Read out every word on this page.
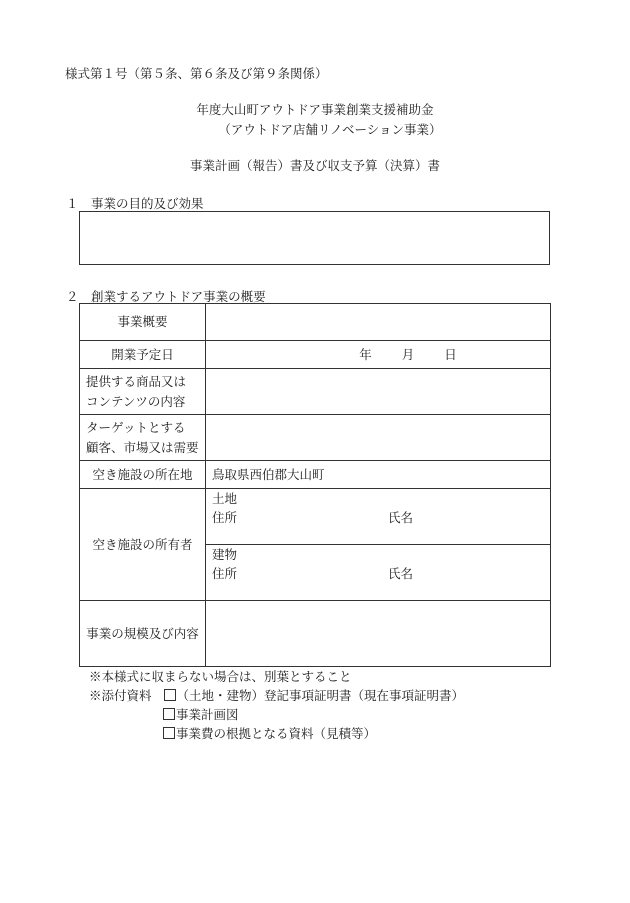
様式第１号（第５条、第６条及び第９条関係）
年度大山町アウトドア事業創業支援補助金
（アウトドア店舗リノベーション事業）
事業計画（報告）書及び収支予算（決算）書
１　事業の目的及び効果
２　創業するアウトドア事業の概要
事業概要	
開業予定日	年 月 日

提供する商品又は
コンテンツの内容	

ターゲットとする
顧客、市場又は需要	

空き施設の所在地	鳥取県西伯郡大山町
空き施設の所有者	土地
住所 氏名

	建物
住所 氏名

事業の規模及び内容	
※本様式に収まらない場合は、別葉とすること
※添付資料 （土地・建物）登記事項証明書（現在事項証明書）
事業計画図
事業費の根拠となる資料（見積等）
